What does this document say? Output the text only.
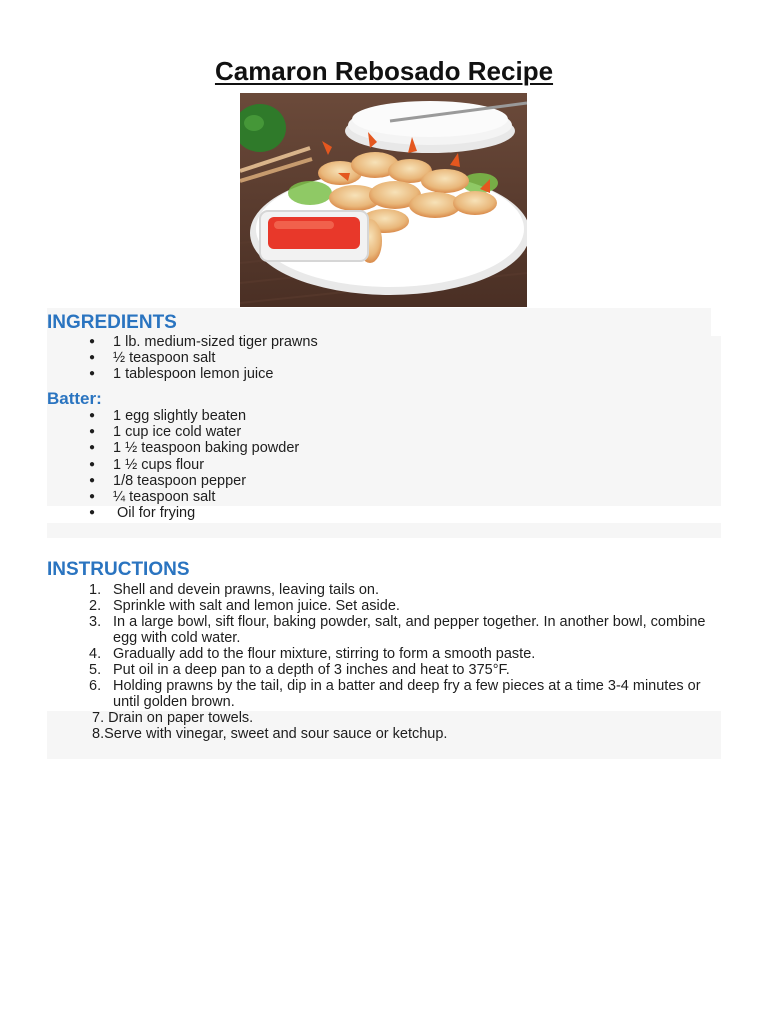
Camaron Rebosado Recipe
INGREDIENTS
● 1 lb. medium-sized tiger prawns
● ½ teaspoon salt
● 1 tablespoon lemon juice
Batter:
● 1 egg slightly beaten
● 1 cup ice cold water
● 1 ½ teaspoon baking powder
● 1 ½ cups flour
● 1/8 teaspoon pepper
● ¼ teaspoon salt
● Oil for frying
INSTRUCTIONS
1. Shell and devein prawns, leaving tails on.
2. Sprinkle with salt and lemon juice. Set aside.
3. In a large bowl, sift flour, baking powder, salt, and pepper together. In another bowl, combine egg with cold water.
4. Gradually add to the flour mixture, stirring to form a smooth paste.
5. Put oil in a deep pan to a depth of 3 inches and heat to 375°F.
6. Holding prawns by the tail, dip in a batter and deep fry a few pieces at a time 3-4 minutes or until golden brown.
7. Drain on paper towels.
8.Serve with vinegar, sweet and sour sauce or ketchup.
